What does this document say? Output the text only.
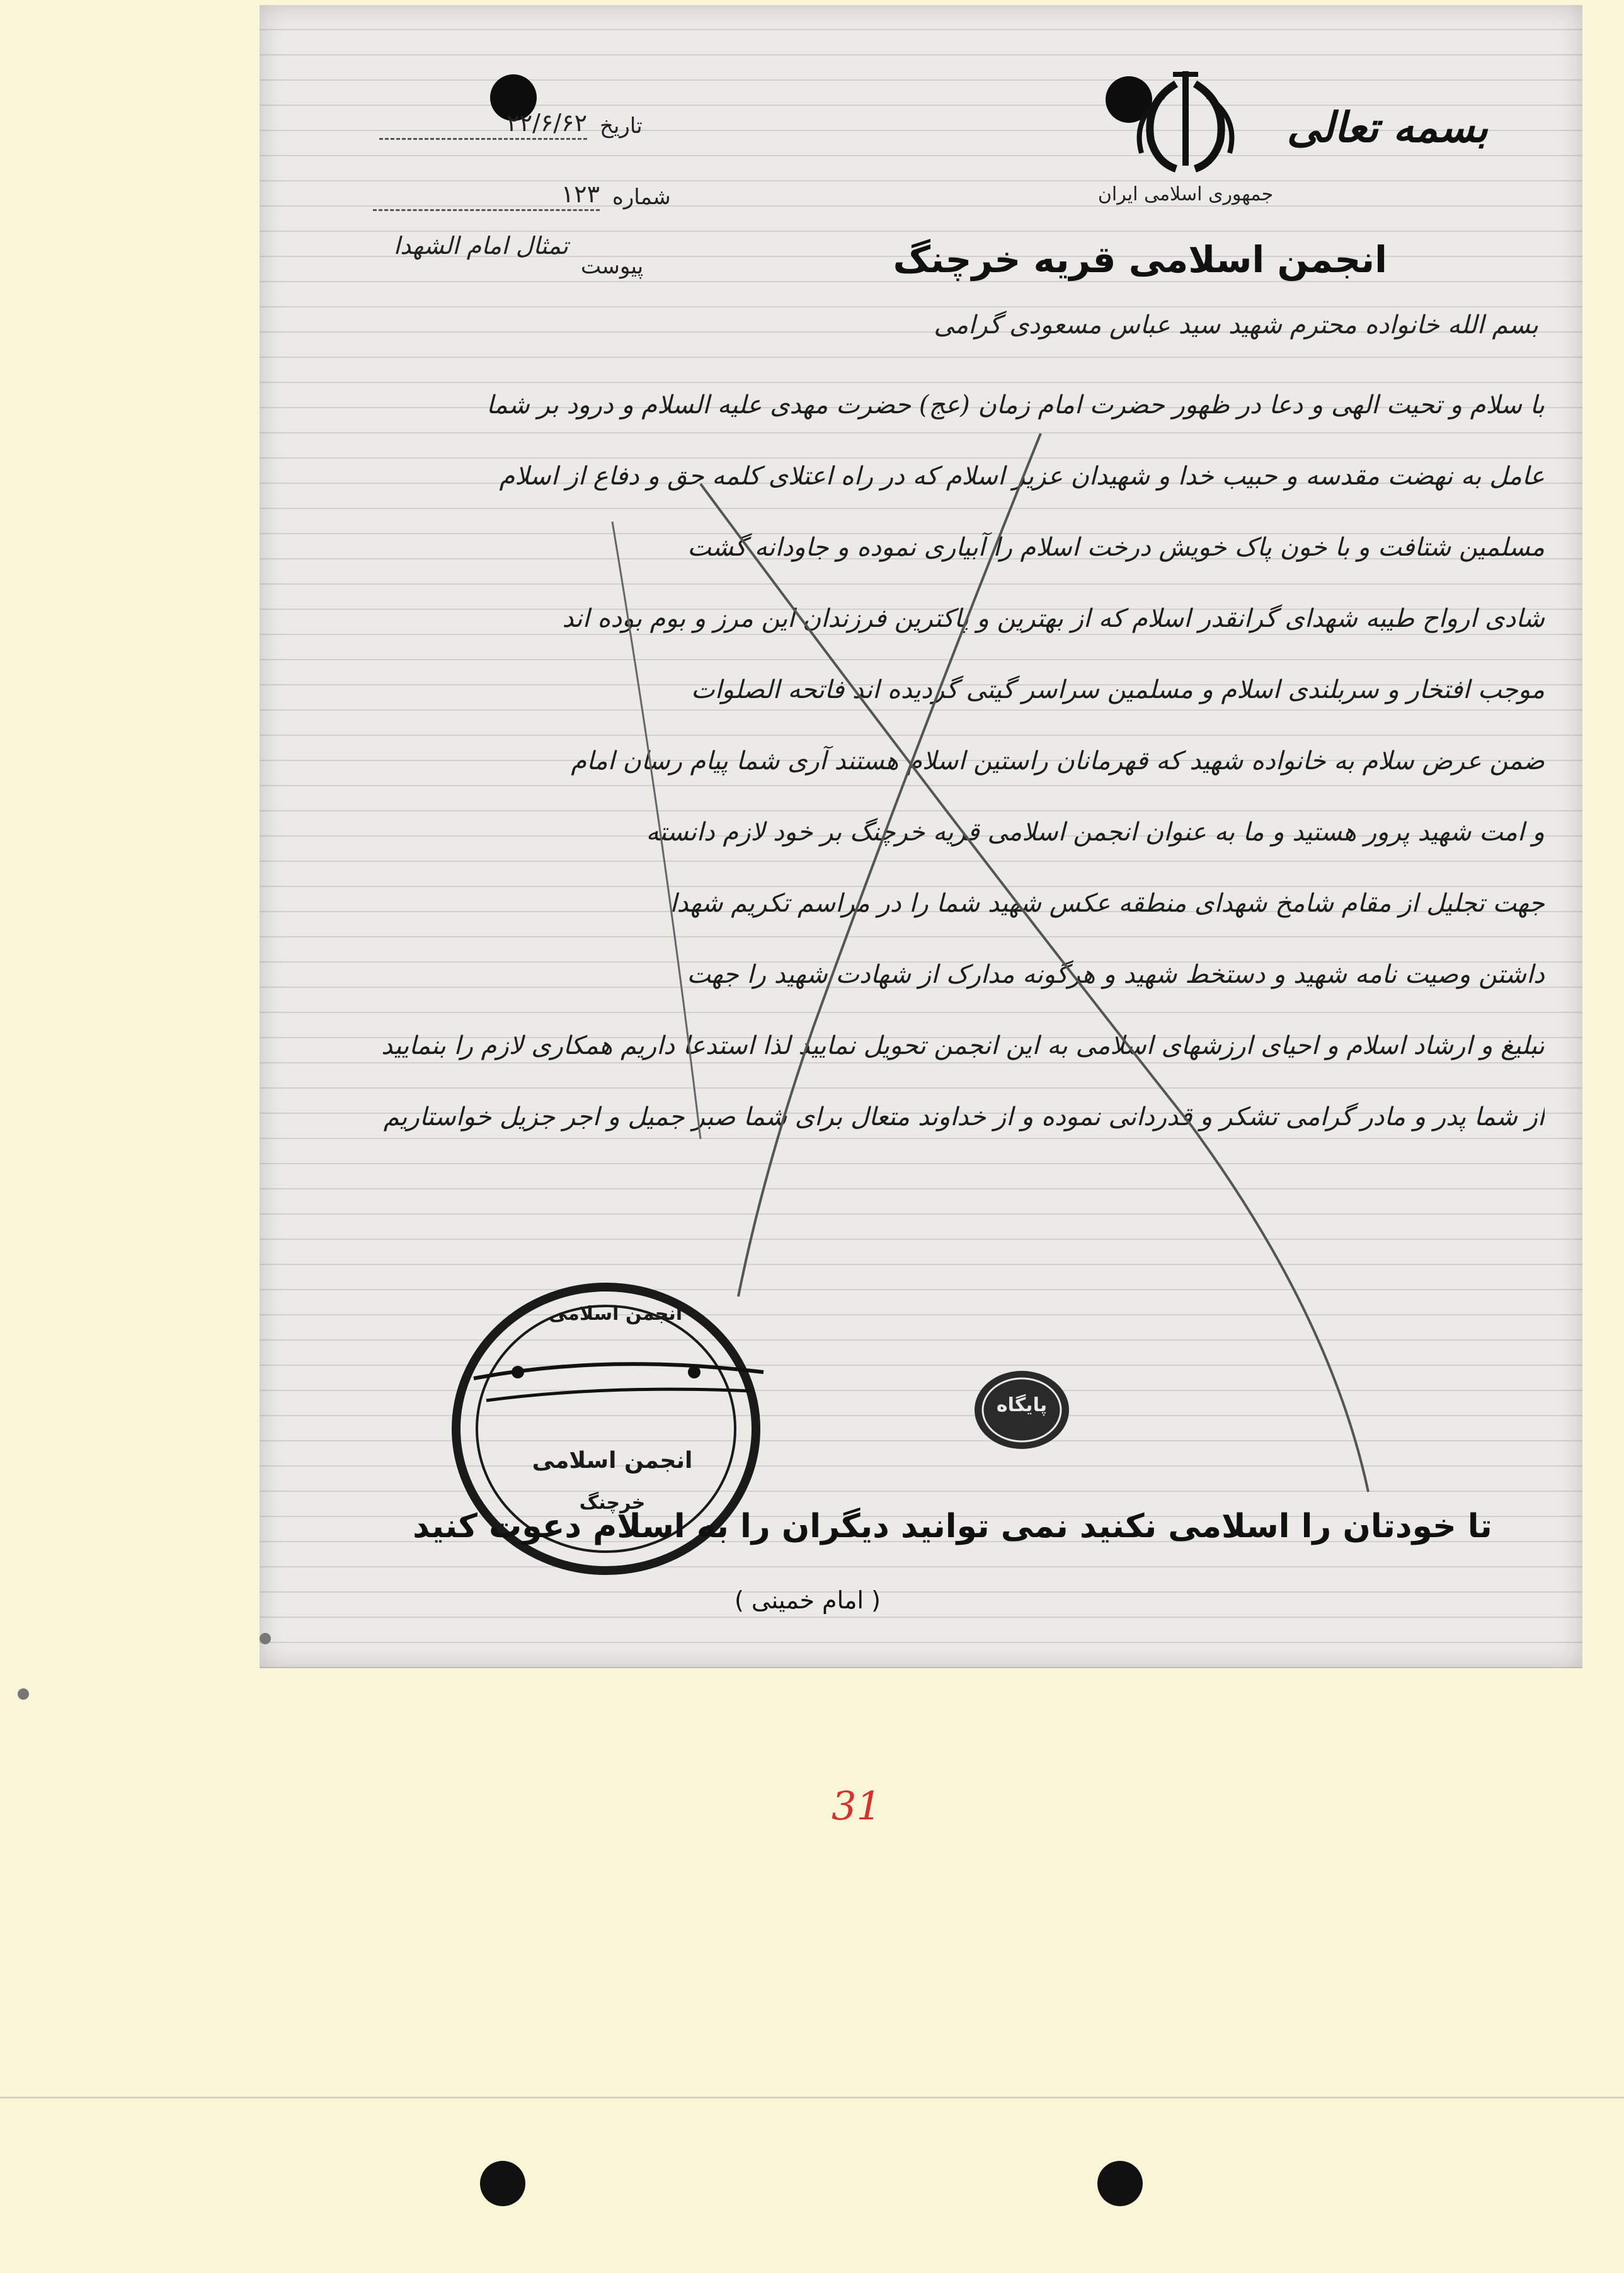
بسمه تعالی
جمهوری اسلامی ایران
تاریخ
۲۲/۶/۶۲
شماره
۱۲۳
پیوست
تمثال امام الشهدا	انجمن اسلامی قریه خرچنگ
بسم الله خانواده محترم شهید سید عباس مسعودی گرامی
با سلام و تحیت الهی و دعا در ظهور حضرت امام زمان (عج) حضرت مهدی علیه السلام و درود بر شما
عامل به نهضت مقدسه و حبیب خدا و شهیدان عزیز اسلام که در راه اعتلای کلمه حق و دفاع از اسلام
مسلمین شتافت و با خون پاک خویش درخت اسلام را آبیاری نموده و جاودانه گشت
شادی ارواح طیبه شهدای گرانقدر اسلام که از بهترین و پاکترین فرزندان این مرز و بوم بوده اند
موجب افتخار و سربلندی اسلام و مسلمین سراسر گیتی گردیده اند فاتحه الصلوات
ضمن عرض سلام به خانواده شهید که قهرمانان راستین اسلام هستند آری شما پیام رسان امام
و امت شهید پرور هستید و ما به عنوان انجمن اسلامی قریه خرچنگ بر خود لازم دانسته
جهت تجلیل از مقام شامخ شهدای منطقه عکس شهید شما را در مراسم تکریم شهدا
داشتن وصیت نامه شهید و دستخط شهید و هرگونه مدارک از شهادت شهید را جهت
تبلیغ و ارشاد اسلام و احیای ارزشهای اسلامی به این انجمن تحویل نمایید لذا استدعا داریم همکاری لازم را بنمایید
از شما پدر و مادر گرامی تشکر و قدردانی نموده و از خداوند متعال برای شما صبر جمیل و اجر جزیل خواستاریم
انجمن اسلامی
انجمن اسلامی
خرچنگ
پایگاه
تا خودتان را اسلامی نکنید نمی توانید دیگران را به اسلام دعوت کنید
( امام خمینی )
31
